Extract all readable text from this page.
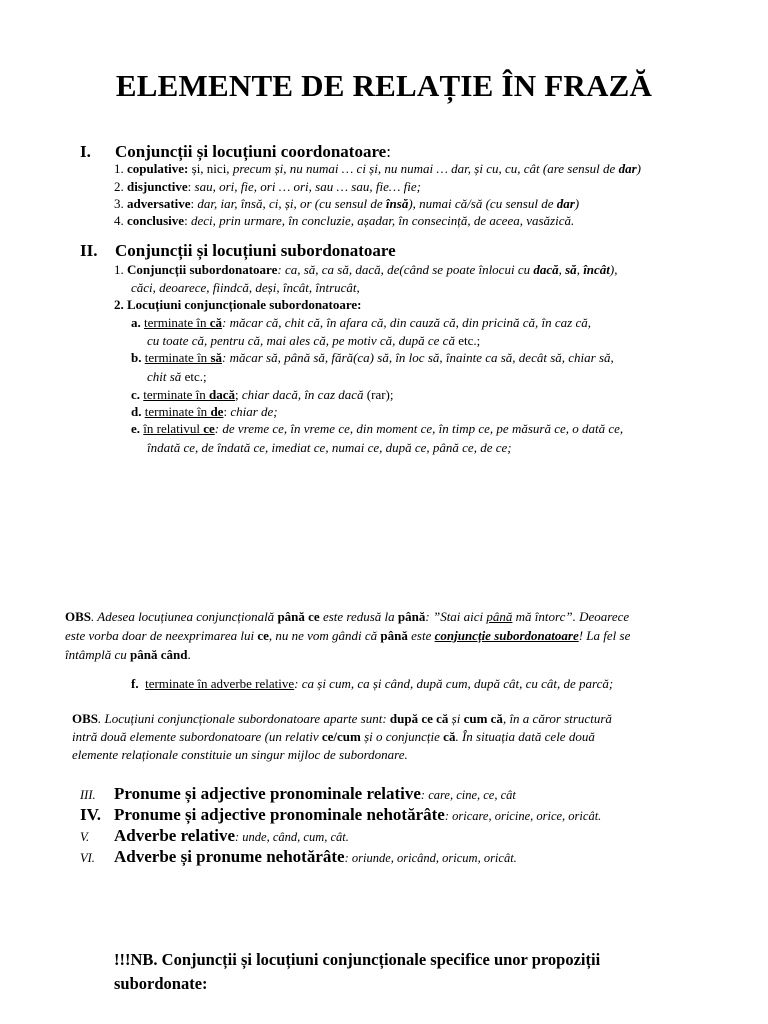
ELEMENTE DE RELAȚIE ÎN FRAZĂ
I. Conjuncții și locuțiuni coordonatoare:
1. copulative: și, nici, precum și, nu numai … ci și, nu numai … dar, și cu, cu, cât (are sensul de dar)
2. disjunctive: sau, ori, fie, ori … ori, sau … sau, fie… fie;
3. adversative: dar, iar, însă, ci, și, or (cu sensul de însă), numai că/să (cu sensul de dar)
4. conclusive: deci, prin urmare, în concluzie, așadar, în consecință, de aceea, vasăzică.
II. Conjuncții și locuțiuni subordonatoare
1. Conjuncții subordonatoare: ca, să, ca să, dacă, de(când se poate înlocui cu dacă, să, încât),
căci, deoarece, fiindcă, deși, încât, întrucât,
2. Locuțiuni conjuncționale subordonatoare:
a. terminate în că: măcar că, chit că, în afara că, din cauză că, din pricină că, în caz că,
cu toate că, pentru că, mai ales că, pe motiv că, după ce că etc.;
b. terminate în să: măcar să, până să, fără(ca) să, în loc să, înainte ca să, decât să, chiar să,
chit să etc.;
c. terminate în dacă; chiar dacă, în caz dacă (rar);
d. terminate în de: chiar de;
e. în relativul ce: de vreme ce, în vreme ce, din moment ce, în timp ce, pe măsură ce, o dată ce,
îndată ce, de îndată ce, imediat ce, numai ce, după ce, până ce, de ce;
OBS. Adesea locuțiunea conjuncțională până ce este redusă la până: ”Stai aici până mă întorc”. Deoarece
este vorba doar de neexprimarea lui ce, nu ne vom gândi că până este conjuncție subordonatoare! La fel se
întâmplă cu până când.
f. terminate în adverbe relative: ca și cum, ca și când, după cum, după cât, cu cât, de parcă;
OBS. Locuțiuni conjuncționale subordonatoare aparte sunt: după ce că și cum că, în a căror structură
intră două elemente subordonatoare (un relativ ce/cum și o conjuncție că. În situația dată cele două
elemente relaționale constituie un singur mijloc de subordonare.
III. Pronume și adjective pronominale relative: care, cine, ce, cât
IV. Pronume și adjective pronominale nehotărâte: oricare, oricine, orice, oricât.
V. Adverbe relative: unde, când, cum, cât.
VI. Adverbe și pronume nehotărâte: oriunde, oricând, oricum, oricât.
!!!NB. Conjuncții și locuțiuni conjuncționale specifice unor propoziții
subordonate:
